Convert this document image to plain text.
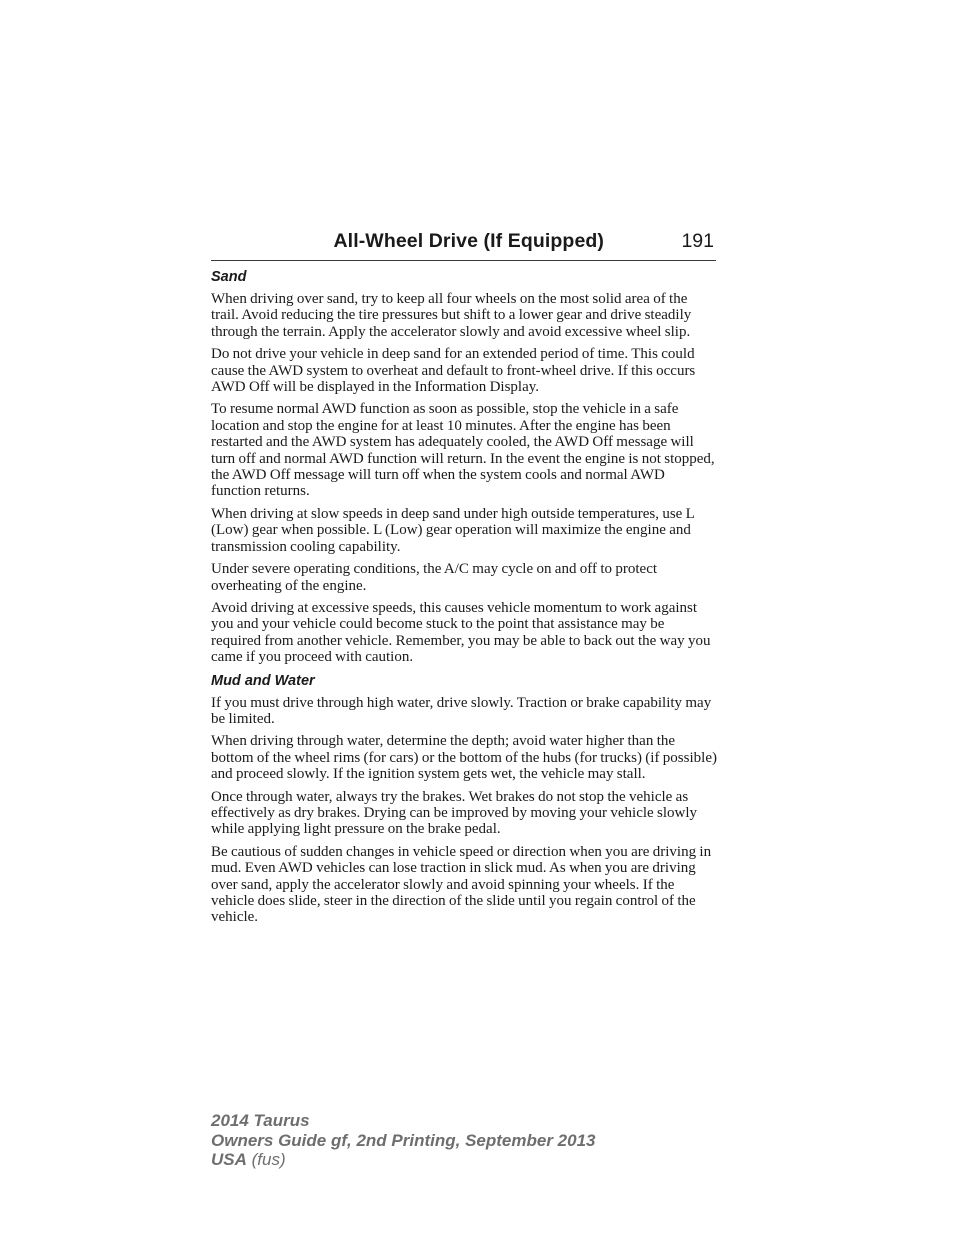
All-Wheel Drive (If Equipped)	191
Sand

When driving over sand, try to keep all four wheels on the most solid area of the trail. Avoid reducing the tire pressures but shift to a lower gear and drive steadily through the terrain. Apply the accelerator slowly and avoid excessive wheel slip.

Do not drive your vehicle in deep sand for an extended period of time. This could cause the AWD system to overheat and default to front-wheel drive. If this occurs AWD Off will be displayed in the Information Display.

To resume normal AWD function as soon as possible, stop the vehicle in a safe location and stop the engine for at least 10 minutes. After the engine has been restarted and the AWD system has adequately cooled, the AWD Off message will turn off and normal AWD function will return. In the event the engine is not stopped, the AWD Off message will turn off when the system cools and normal AWD function returns.

When driving at slow speeds in deep sand under high outside temperatures, use L (Low) gear when possible. L (Low) gear operation will maximize the engine and transmission cooling capability.

Under severe operating conditions, the A/C may cycle on and off to protect overheating of the engine.

Avoid driving at excessive speeds, this causes vehicle momentum to work against you and your vehicle could become stuck to the point that assistance may be required from another vehicle. Remember, you may be able to back out the way you came if you proceed with caution.

Mud and Water

If you must drive through high water, drive slowly. Traction or brake capability may be limited.

When driving through water, determine the depth; avoid water higher than the bottom of the wheel rims (for cars) or the bottom of the hubs (for trucks) (if possible) and proceed slowly. If the ignition system gets wet, the vehicle may stall.

Once through water, always try the brakes. Wet brakes do not stop the vehicle as effectively as dry brakes. Drying can be improved by moving your vehicle slowly while applying light pressure on the brake pedal.

Be cautious of sudden changes in vehicle speed or direction when you are driving in mud. Even AWD vehicles can lose traction in slick mud. As when you are driving over sand, apply the accelerator slowly and avoid spinning your wheels. If the vehicle does slide, steer in the direction of the slide until you regain control of the vehicle.

2014 Taurus
Owners Guide gf, 2nd Printing, September 2013
USA (fus)
